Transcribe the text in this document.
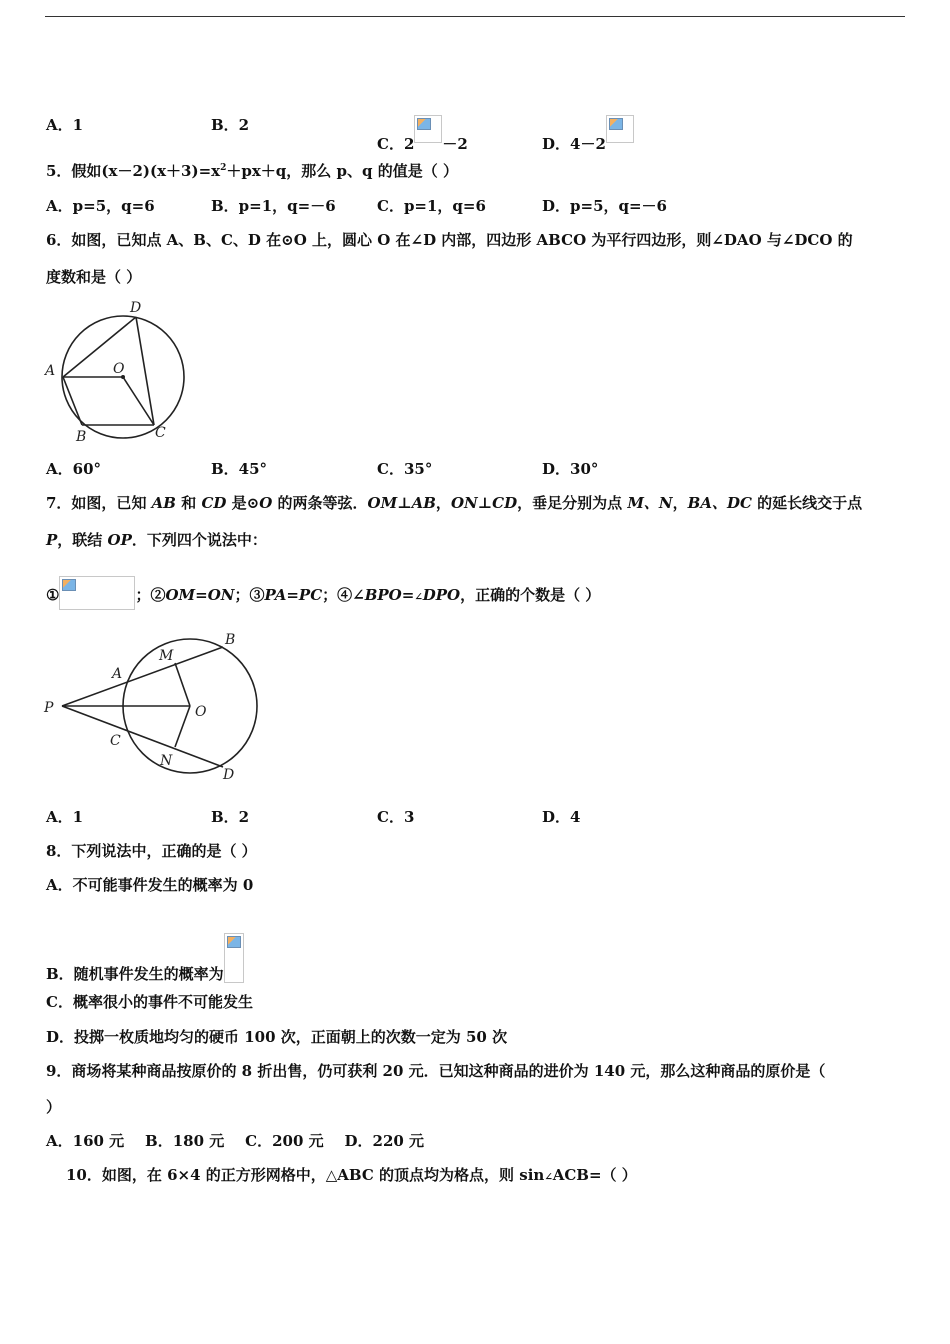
A．1	B．2
C．2 －2	D．4－2
5．假如$(x-2)(x+3)=x^2+px+q$，那么 p、q 的值是（ ）
A．p=5，q=6	B．p=1，q=－6	C．p=1，q=6	D．p=5，q=－6
6．如图，已知点 A、B、C、D 在⊙O 上，圆心 O 在∠D 内部，四边形 ABCO 为平行四边形，则∠DAO 与∠DCO 的
度数和是（ ）
A
D
O
B	C
A．60°	B．45°	C．35°	D．30°
7．如图，已知 AB 和 CD 是⊙O 的两条等弦．OM⊥AB，ON⊥CD，垂足分别为点 M、N，BA、DC 的延长线交于点
P，联结 OP．下列四个说法中：
①	；②OM=ON；③PA=PC；④∠BPO=∠DPO，正确的个数是（ ）
P
A
M
B
O
C
N
D
A．1	B．2	C．3	D．4
8．下列说法中，正确的是（ ）
A．不可能事件发生的概率为 0
B．随机事件发生的概率为
C．概率很小的事件不可能发生
D．投掷一枚质地均匀的硬币 100 次，正面朝上的次数一定为 50 次
9．商场将某种商品按原价的 8 折出售，仍可获利 20 元．已知这种商品的进价为 140 元，那么这种商品的原价是（
）
A．160 元    B．180 元    C．200 元    D．220 元
10．如图，在 6×4 的正方形网格中，△ABC 的顶点均为格点，则 sin∠ACB=（ ）
